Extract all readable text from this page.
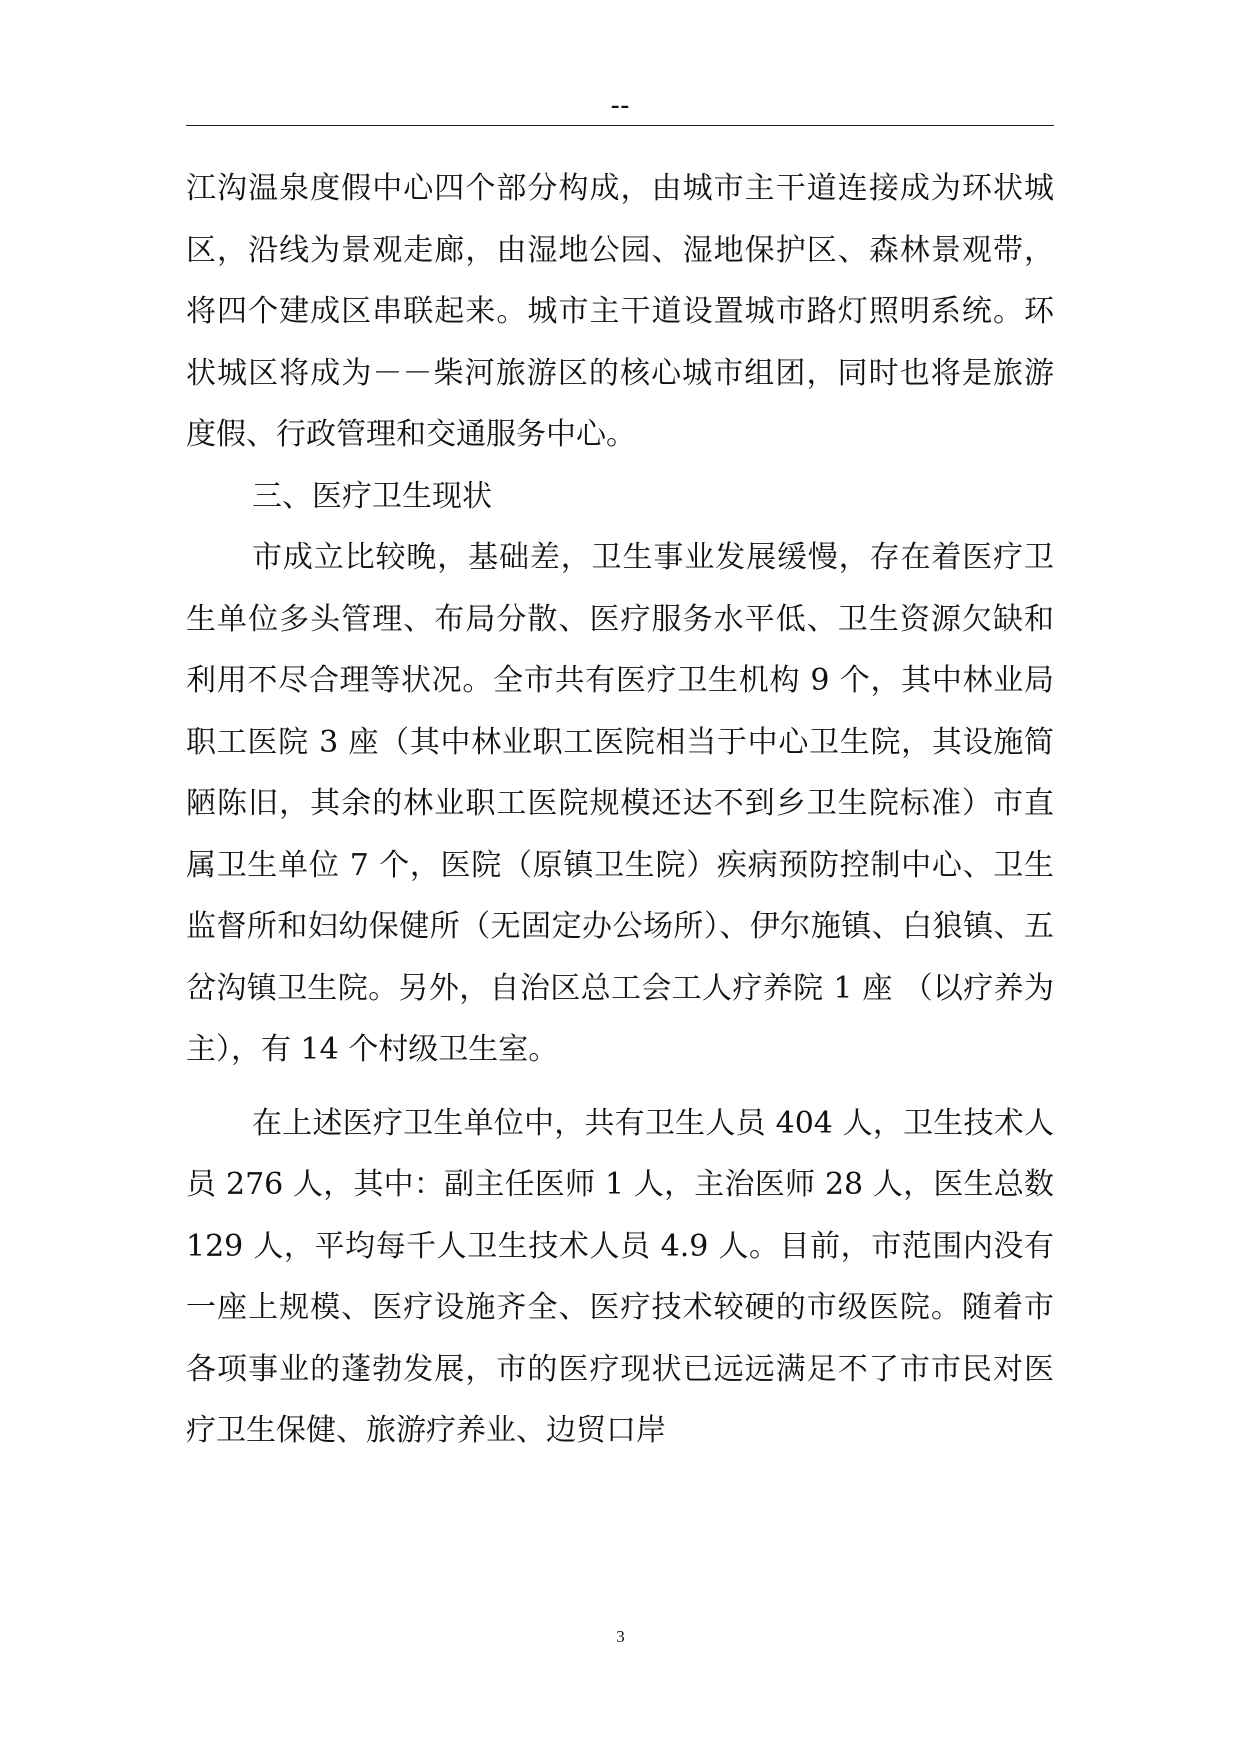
--

江沟温泉度假中心四个部分构成，由城市主干道连接成为环状城区，沿线为景观走廊，由湿地公园、湿地保护区、森林景观带，将四个建成区串联起来。城市主干道设置城市路灯照明系统。环状城区将成为－－柴河旅游区的核心城市组团，同时也将是旅游度假、行政管理和交通服务中心。

三、医疗卫生现状

市成立比较晚，基础差，卫生事业发展缓慢，存在着医疗卫生单位多头管理、布局分散、医疗服务水平低、卫生资源欠缺和利用不尽合理等状况。全市共有医疗卫生机构 9 个，其中林业局职工医院 3 座（其中林业职工医院相当于中心卫生院，其设施简陋陈旧，其余的林业职工医院规模还达不到乡卫生院标准）市直属卫生单位 7 个，医院（原镇卫生院）疾病预防控制中心、卫生监督所和妇幼保健所（无固定办公场所）、伊尔施镇、白狼镇、五岔沟镇卫生院。另外，自治区总工会工人疗养院 1 座 （以疗养为主），有 14 个村级卫生室。

在上述医疗卫生单位中，共有卫生人员 404 人，卫生技术人员 276 人，其中：副主任医师 1 人，主治医师 28 人，医生总数 129 人，平均每千人卫生技术人员 4.9 人。目前，市范围内没有一座上规模、医疗设施齐全、医疗技术较硬的市级医院。随着市各项事业的蓬勃发展，市的医疗现状已远远满足不了市市民对医疗卫生保健、旅游疗养业、边贸口岸

3
